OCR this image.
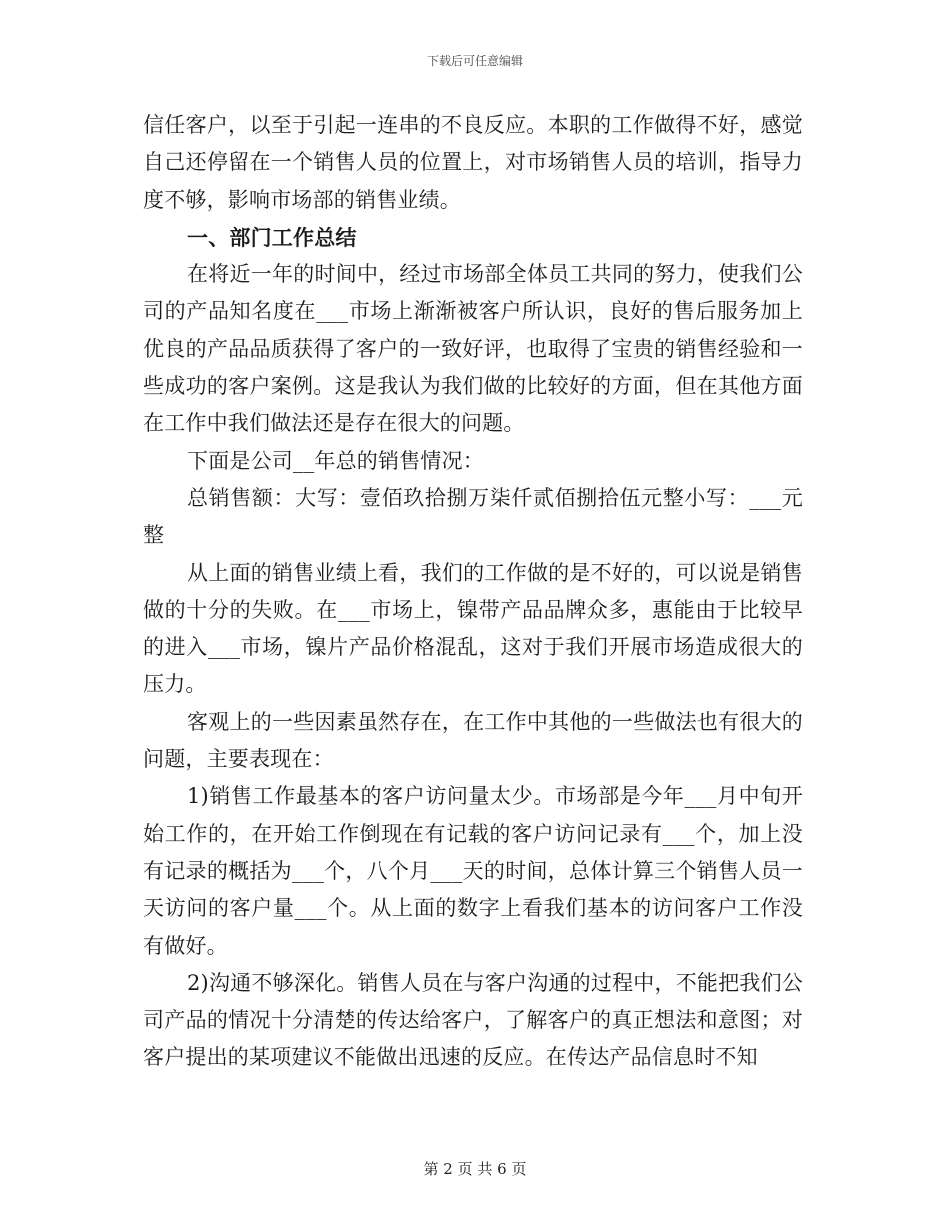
下载后可任意编辑

信任客户，以至于引起一连串的不良反应。本职的工作做得不好，感觉自己还停留在一个销售人员的位置上，对市场销售人员的培训，指导力度不够，影响市场部的销售业绩。

一、部门工作总结

在将近一年的时间中，经过市场部全体员工共同的努力，使我们公司的产品知名度在___市场上渐渐被客户所认识，良好的售后服务加上优良的产品品质获得了客户的一致好评，也取得了宝贵的销售经验和一些成功的客户案例。这是我认为我们做的比较好的方面，但在其他方面在工作中我们做法还是存在很大的问题。

下面是公司__年总的销售情况：

总销售额：大写：壹佰玖拾捌万柒仟贰佰捌拾伍元整小写：___元整

从上面的销售业绩上看，我们的工作做的是不好的，可以说是销售做的十分的失败。在___市场上，镍带产品品牌众多，惠能由于比较早的进入___市场，镍片产品价格混乱，这对于我们开展市场造成很大的压力。

客观上的一些因素虽然存在，在工作中其他的一些做法也有很大的问题，主要表现在：

1)销售工作最基本的客户访问量太少。市场部是今年___月中旬开始工作的，在开始工作倒现在有记载的客户访问记录有___个，加上没有记录的概括为___个，八个月___天的时间，总体计算三个销售人员一天访问的客户量___个。从上面的数字上看我们基本的访问客户工作没有做好。

2)沟通不够深化。销售人员在与客户沟通的过程中，不能把我们公司产品的情况十分清楚的传达给客户，了解客户的真正想法和意图；对客户提出的某项建议不能做出迅速的反应。在传达产品信息时不知

第 2 页 共 6 页
